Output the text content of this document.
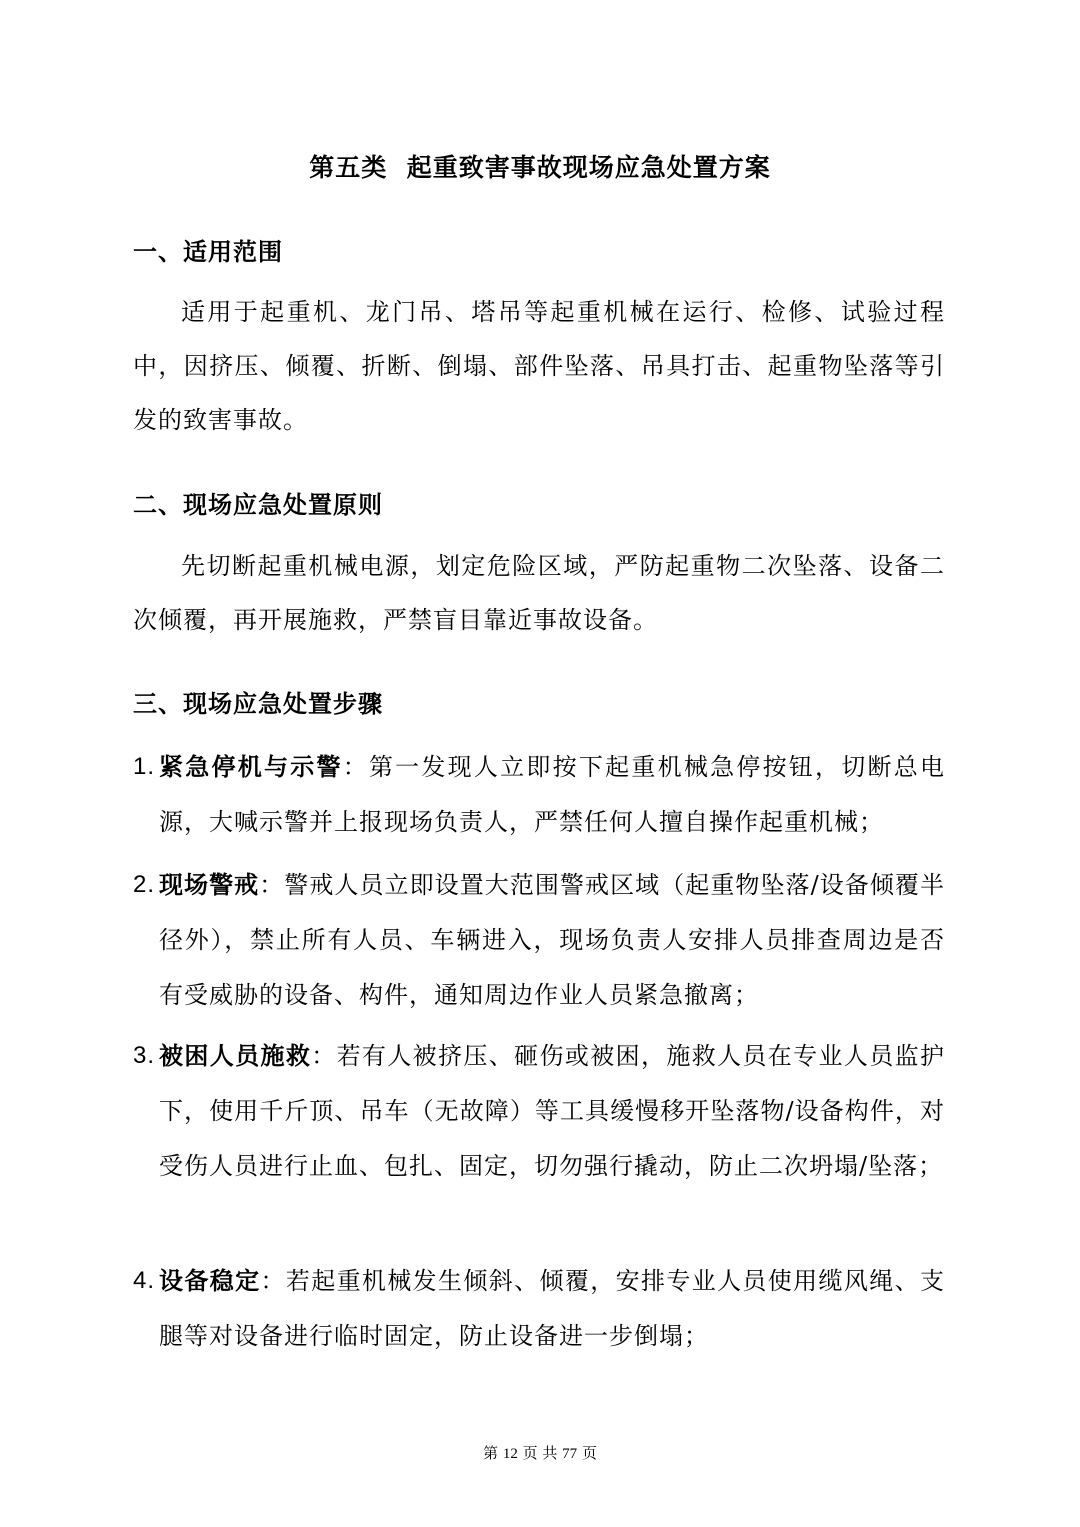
第五类  起重致害事故现场应急处置方案
一、适用范围

适用于起重机、龙门吊、塔吊等起重机械在运行、检修、试验过程中，因挤压、倾覆、折断、倒塌、部件坠落、吊具打击、起重物坠落等引发的致害事故。

二、现场应急处置原则

先切断起重机械电源，划定危险区域，严防起重物二次坠落、设备二次倾覆，再开展施救，严禁盲目靠近事故设备。

三、现场应急处置步骤
1. 紧急停机与示警：第一发现人立即按下起重机械急停按钮，切断总电源，大喊示警并上报现场负责人，严禁任何人擅自操作起重机械；
2. 现场警戒：警戒人员立即设置大范围警戒区域（起重物坠落/设备倾覆半径外），禁止所有人员、车辆进入，现场负责人安排人员排查周边是否有受威胁的设备、构件，通知周边作业人员紧急撤离；
3. 被困人员施救：若有人被挤压、砸伤或被困，施救人员在专业人员监护下，使用千斤顶、吊车（无故障）等工具缓慢移开坠落物/设备构件，对受伤人员进行止血、包扎、固定，切勿强行撬动，防止二次坍塌/坠落；
4. 设备稳定：若起重机械发生倾斜、倾覆，安排专业人员使用缆风绳、支腿等对设备进行临时固定，防止设备进一步倒塌；

第 12 页 共 77 页
